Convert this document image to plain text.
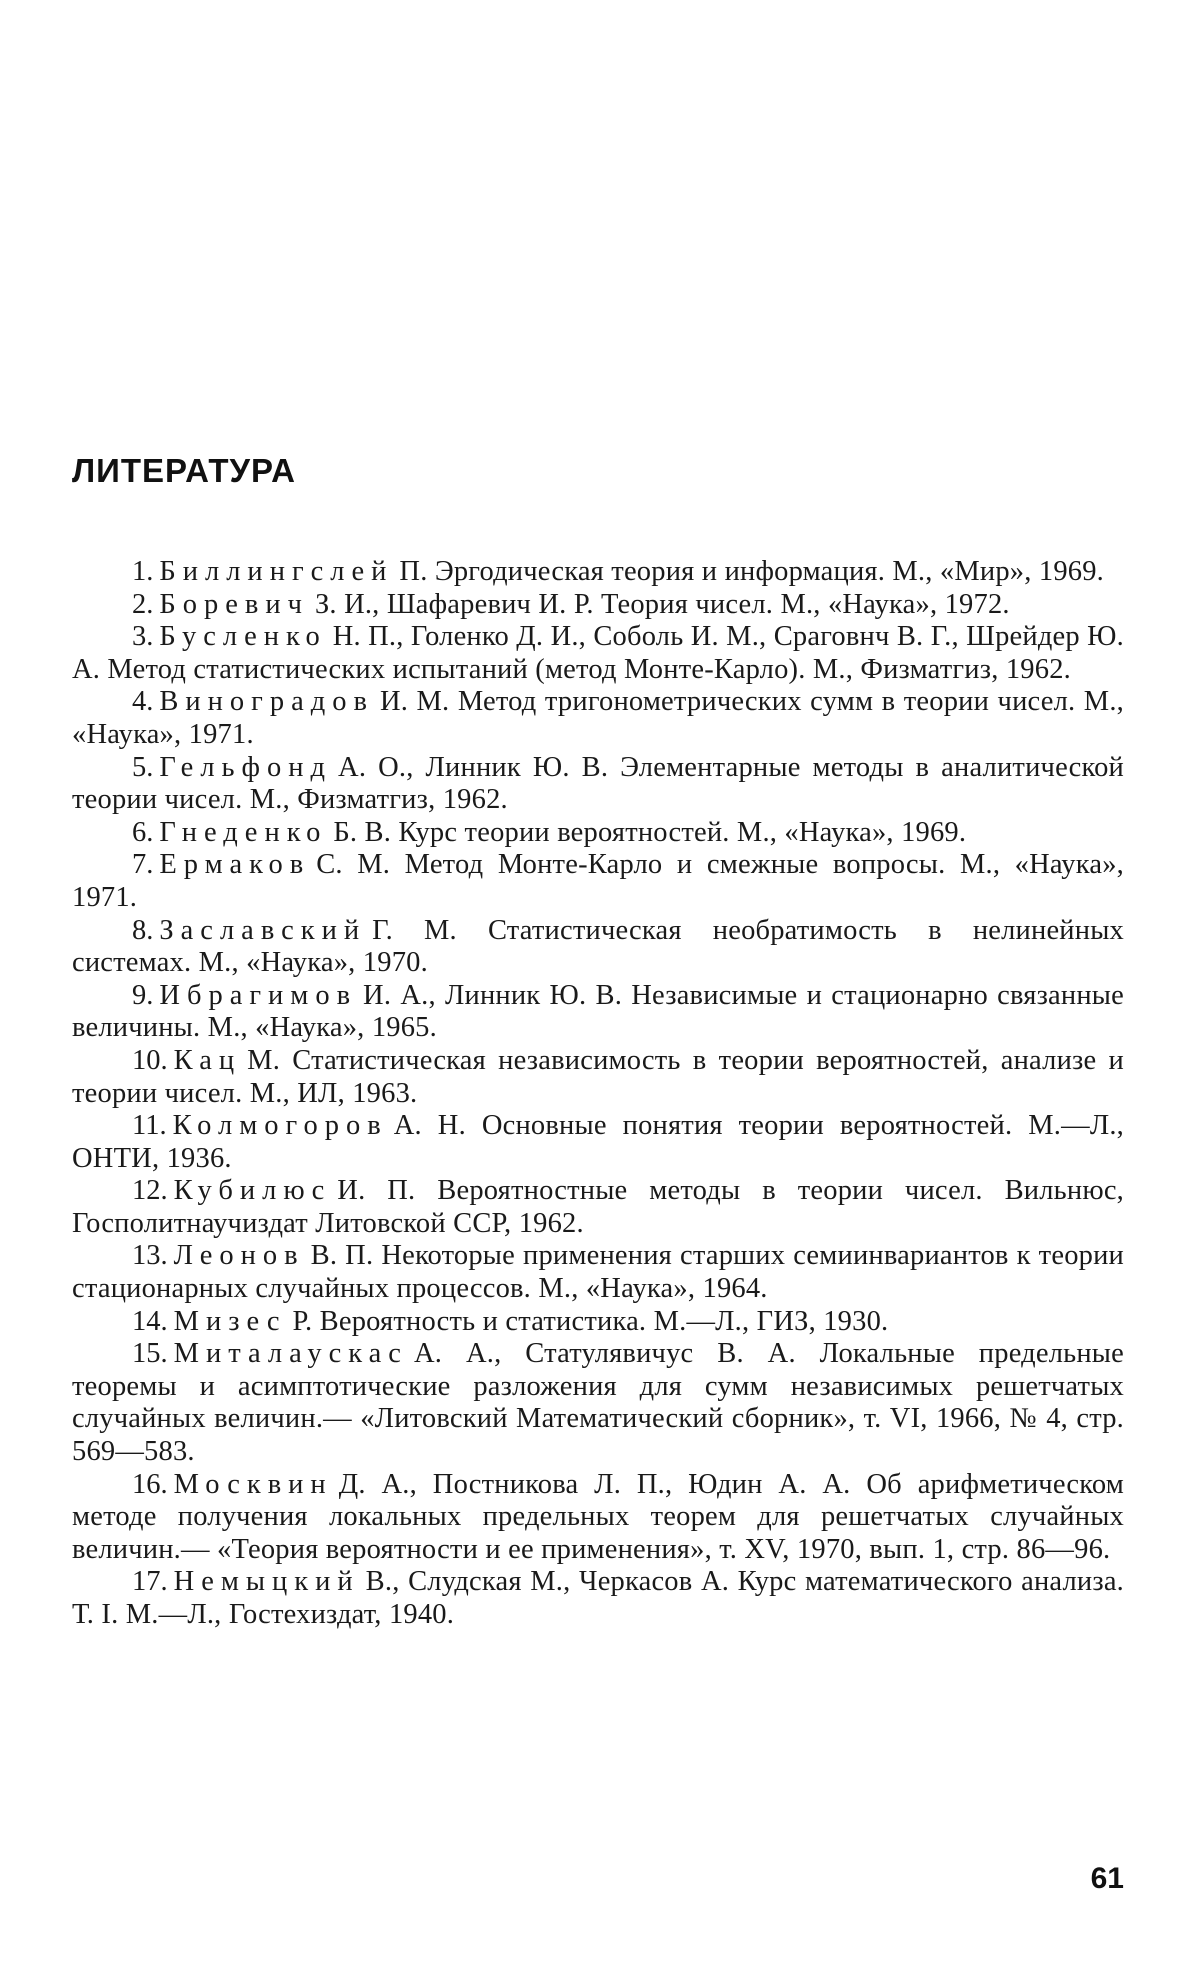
ЛИТЕРАТУРА
1. Биллингслей П. Эргодическая теория и информация. М., «Мир», 1969.
2. Боревич З. И., Шафаревич И. Р. Теория чисел. М., «Наука», 1972.
3. Бусленко Н. П., Голенко Д. И., Соболь И. М., Сраговнч В. Г., Шрейдер Ю. А. Метод статистических испытаний (метод Монте-Карло). М., Физматгиз, 1962.
4. Виноградов И. М. Метод тригонометрических сумм в теории чисел. М., «Наука», 1971.
5. Гельфонд А. О., Линник Ю. В. Элементарные методы в аналитической теории чисел. М., Физматгиз, 1962.
6. Гнеденко Б. В. Курс теории вероятностей. М., «Наука», 1969.
7. Ермаков С. М. Метод Монте-Карло и смежные вопросы. М., «Наука», 1971.
8. Заславский Г. М. Статистическая необратимость в нелинейных системах. М., «Наука», 1970.
9. Ибрагимов И. А., Линник Ю. В. Независимые и стационарно связанные величины. М., «Наука», 1965.
10. Кац М. Статистическая независимость в теории вероятностей, анализе и теории чисел. М., ИЛ, 1963.
11. Колмогоров А. Н. Основные понятия теории вероятностей. М.—Л., ОНТИ, 1936.
12. Кубилюс И. П. Вероятностные методы в теории чисел. Вильнюс, Госполитнаучиздат Литовской ССР, 1962.
13. Леонов В. П. Некоторые применения старших семиинвариантов к теории стационарных случайных процессов. М., «Наука», 1964.
14. Мизес Р. Вероятность и статистика. М.—Л., ГИЗ, 1930.
15. Миталаускас А. А., Статулявичус В. А. Локальные предельные теоремы и асимптотические разложения для сумм независимых решетчатых случайных величин.— «Литовский Математический сборник», т. VI, 1966, № 4, стр. 569—583.
16. Москвин Д. А., Постникова Л. П., Юдин А. А. Об арифметическом методе получения локальных предельных теорем для решетчатых случайных величин.— «Теория вероятности и ее применения», т. XV, 1970, вып. 1, стр. 86—96.
17. Немыцкий В., Слудская М., Черкасов А. Курс математического анализа. Т. I. М.—Л., Гостехиздат, 1940.
61
